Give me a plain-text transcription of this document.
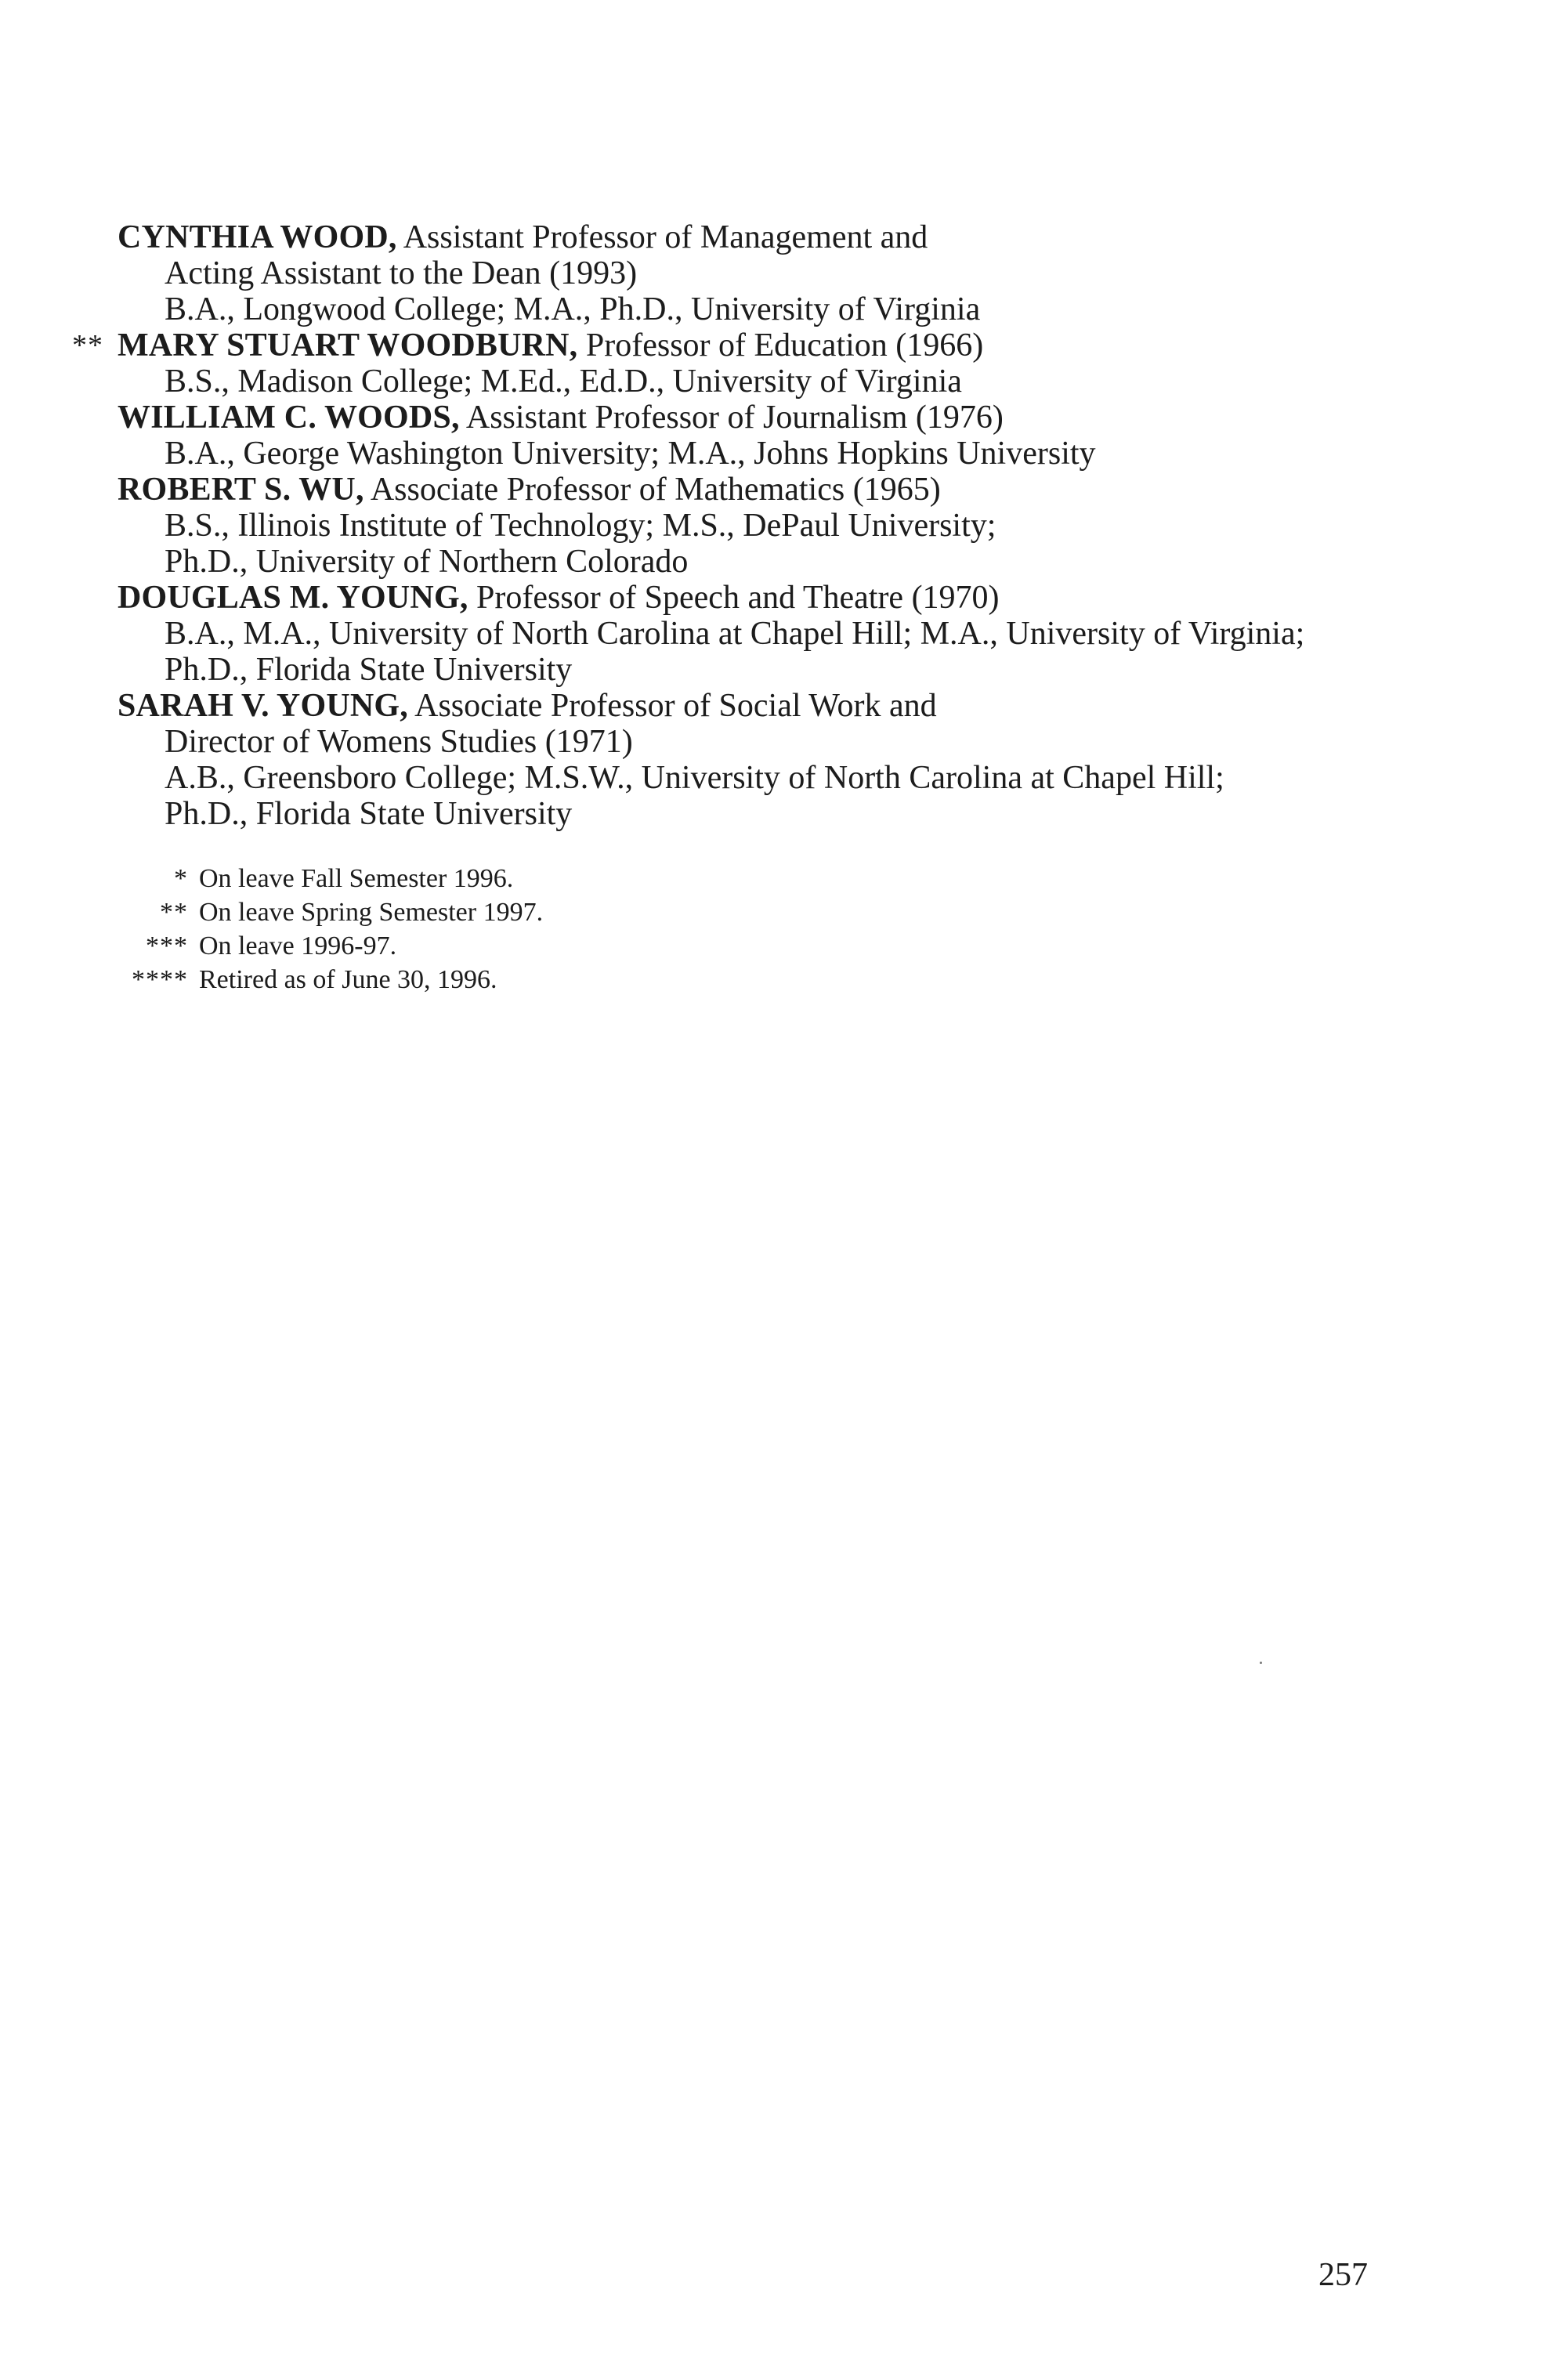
CYNTHIA WOOD, Assistant Professor of Management and
Acting Assistant to the Dean (1993)
B.A., Longwood College; M.A., Ph.D., University of Virginia
** MARY STUART WOODBURN, Professor of Education (1966)
B.S., Madison College; M.Ed., Ed.D., University of Virginia
WILLIAM C. WOODS, Assistant Professor of Journalism (1976)
B.A., George Washington University; M.A., Johns Hopkins University
ROBERT S. WU, Associate Professor of Mathematics (1965)
B.S., Illinois Institute of Technology; M.S., DePaul University;
Ph.D., University of Northern Colorado
DOUGLAS M. YOUNG, Professor of Speech and Theatre (1970)
B.A., M.A., University of North Carolina at Chapel Hill; M.A., University of Virginia;
Ph.D., Florida State University
SARAH V. YOUNG, Associate Professor of Social Work and
Director of Womens Studies (1971)
A.B., Greensboro College; M.S.W., University of North Carolina at Chapel Hill;
Ph.D., Florida State University
* On leave Fall Semester 1996.
** On leave Spring Semester 1997.
*** On leave 1996-97.
**** Retired as of June 30, 1996.
257
